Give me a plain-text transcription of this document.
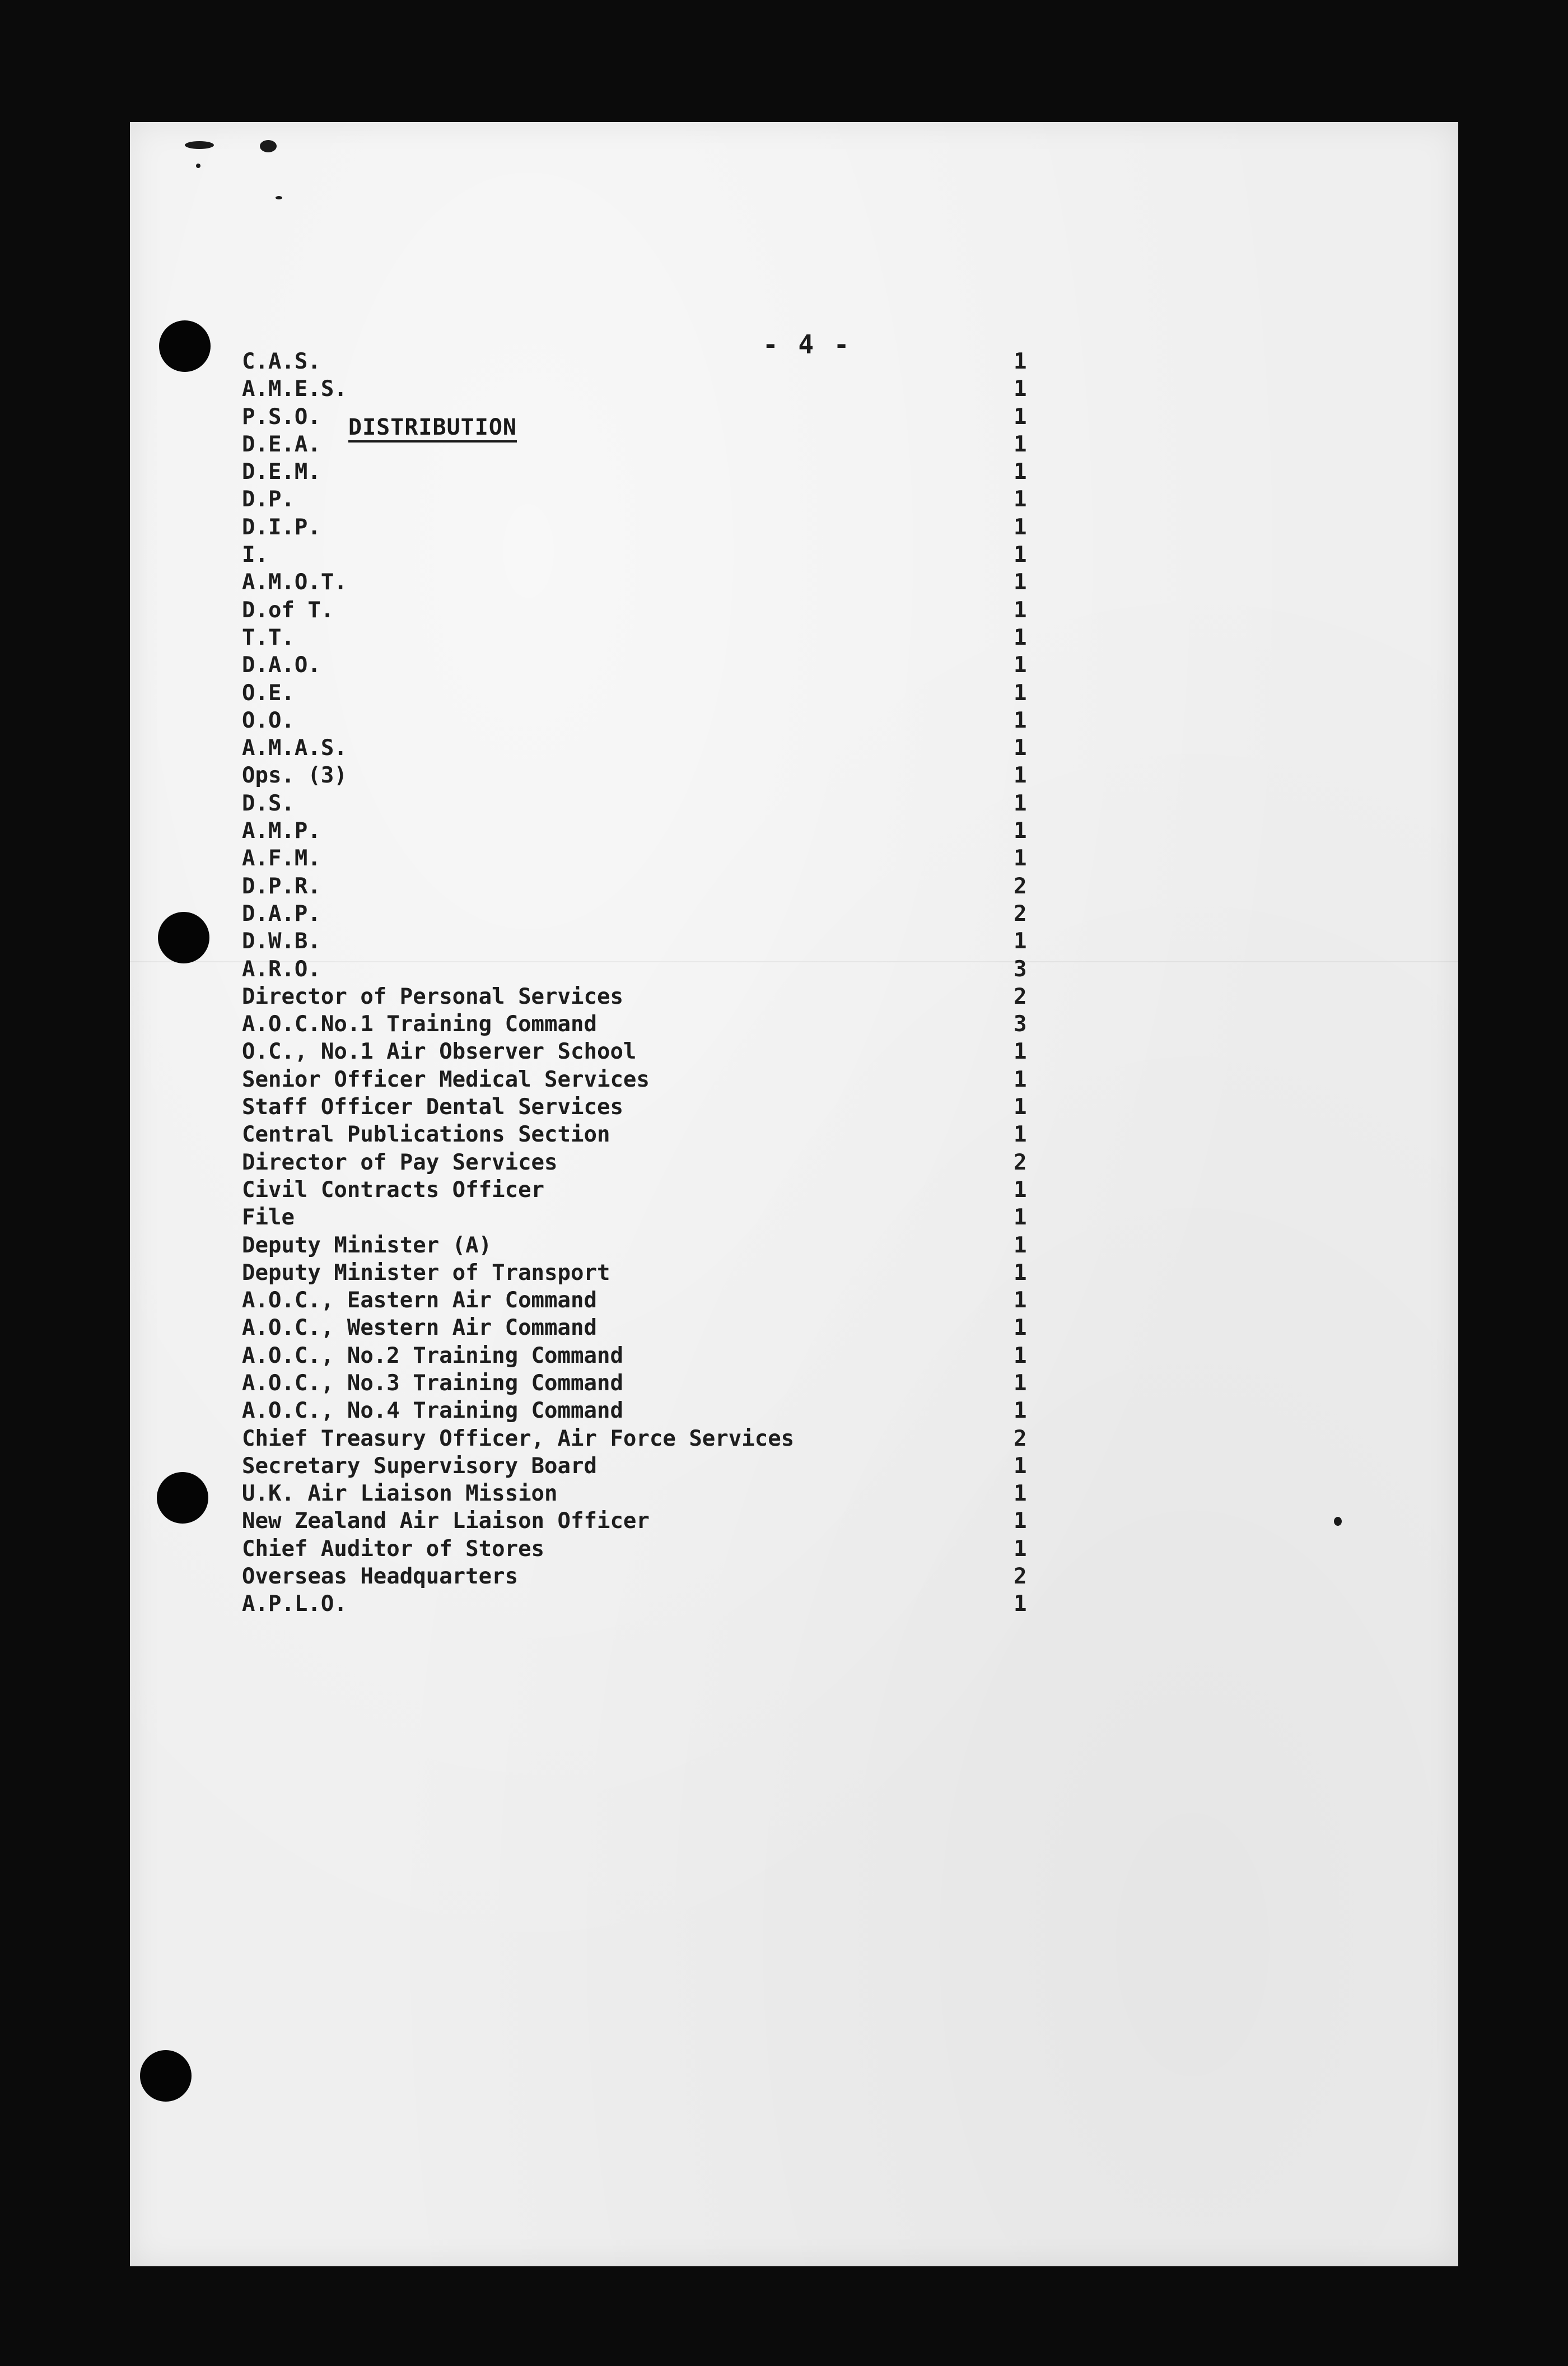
- 4 -
DISTRIBUTION
C.A.S.	1
A.M.E.S.	1
P.S.O.	1
D.E.A.	1
D.E.M.	1
D.P.	1
D.I.P.	1
I.	1
A.M.O.T.	1
D.of T.	1
T.T.	1
D.A.O.	1
O.E.	1
O.O.	1
A.M.A.S.	1
Ops. (3)	1
D.S.	1
A.M.P.	1
A.F.M.	1
D.P.R.	2
D.A.P.	2
D.W.B.	1
A.R.O.	3
Director of Personal Services	2
A.O.C.No.1 Training Command	3
O.C., No.1 Air Observer School	1
Senior Officer Medical Services	1
Staff Officer Dental Services	1
Central Publications Section	1
Director of Pay Services	2
Civil Contracts Officer	1
File	1
Deputy Minister (A)	1
Deputy Minister of Transport	1
A.O.C., Eastern Air Command	1
A.O.C., Western Air Command	1
A.O.C., No.2 Training Command	1
A.O.C., No.3 Training Command	1
A.O.C., No.4 Training Command	1
Chief Treasury Officer, Air Force Services	2
Secretary Supervisory Board	1
U.K. Air Liaison Mission	1
New Zealand Air Liaison Officer	1
Chief Auditor of Stores	1
Overseas Headquarters	2
A.P.L.O.	1
